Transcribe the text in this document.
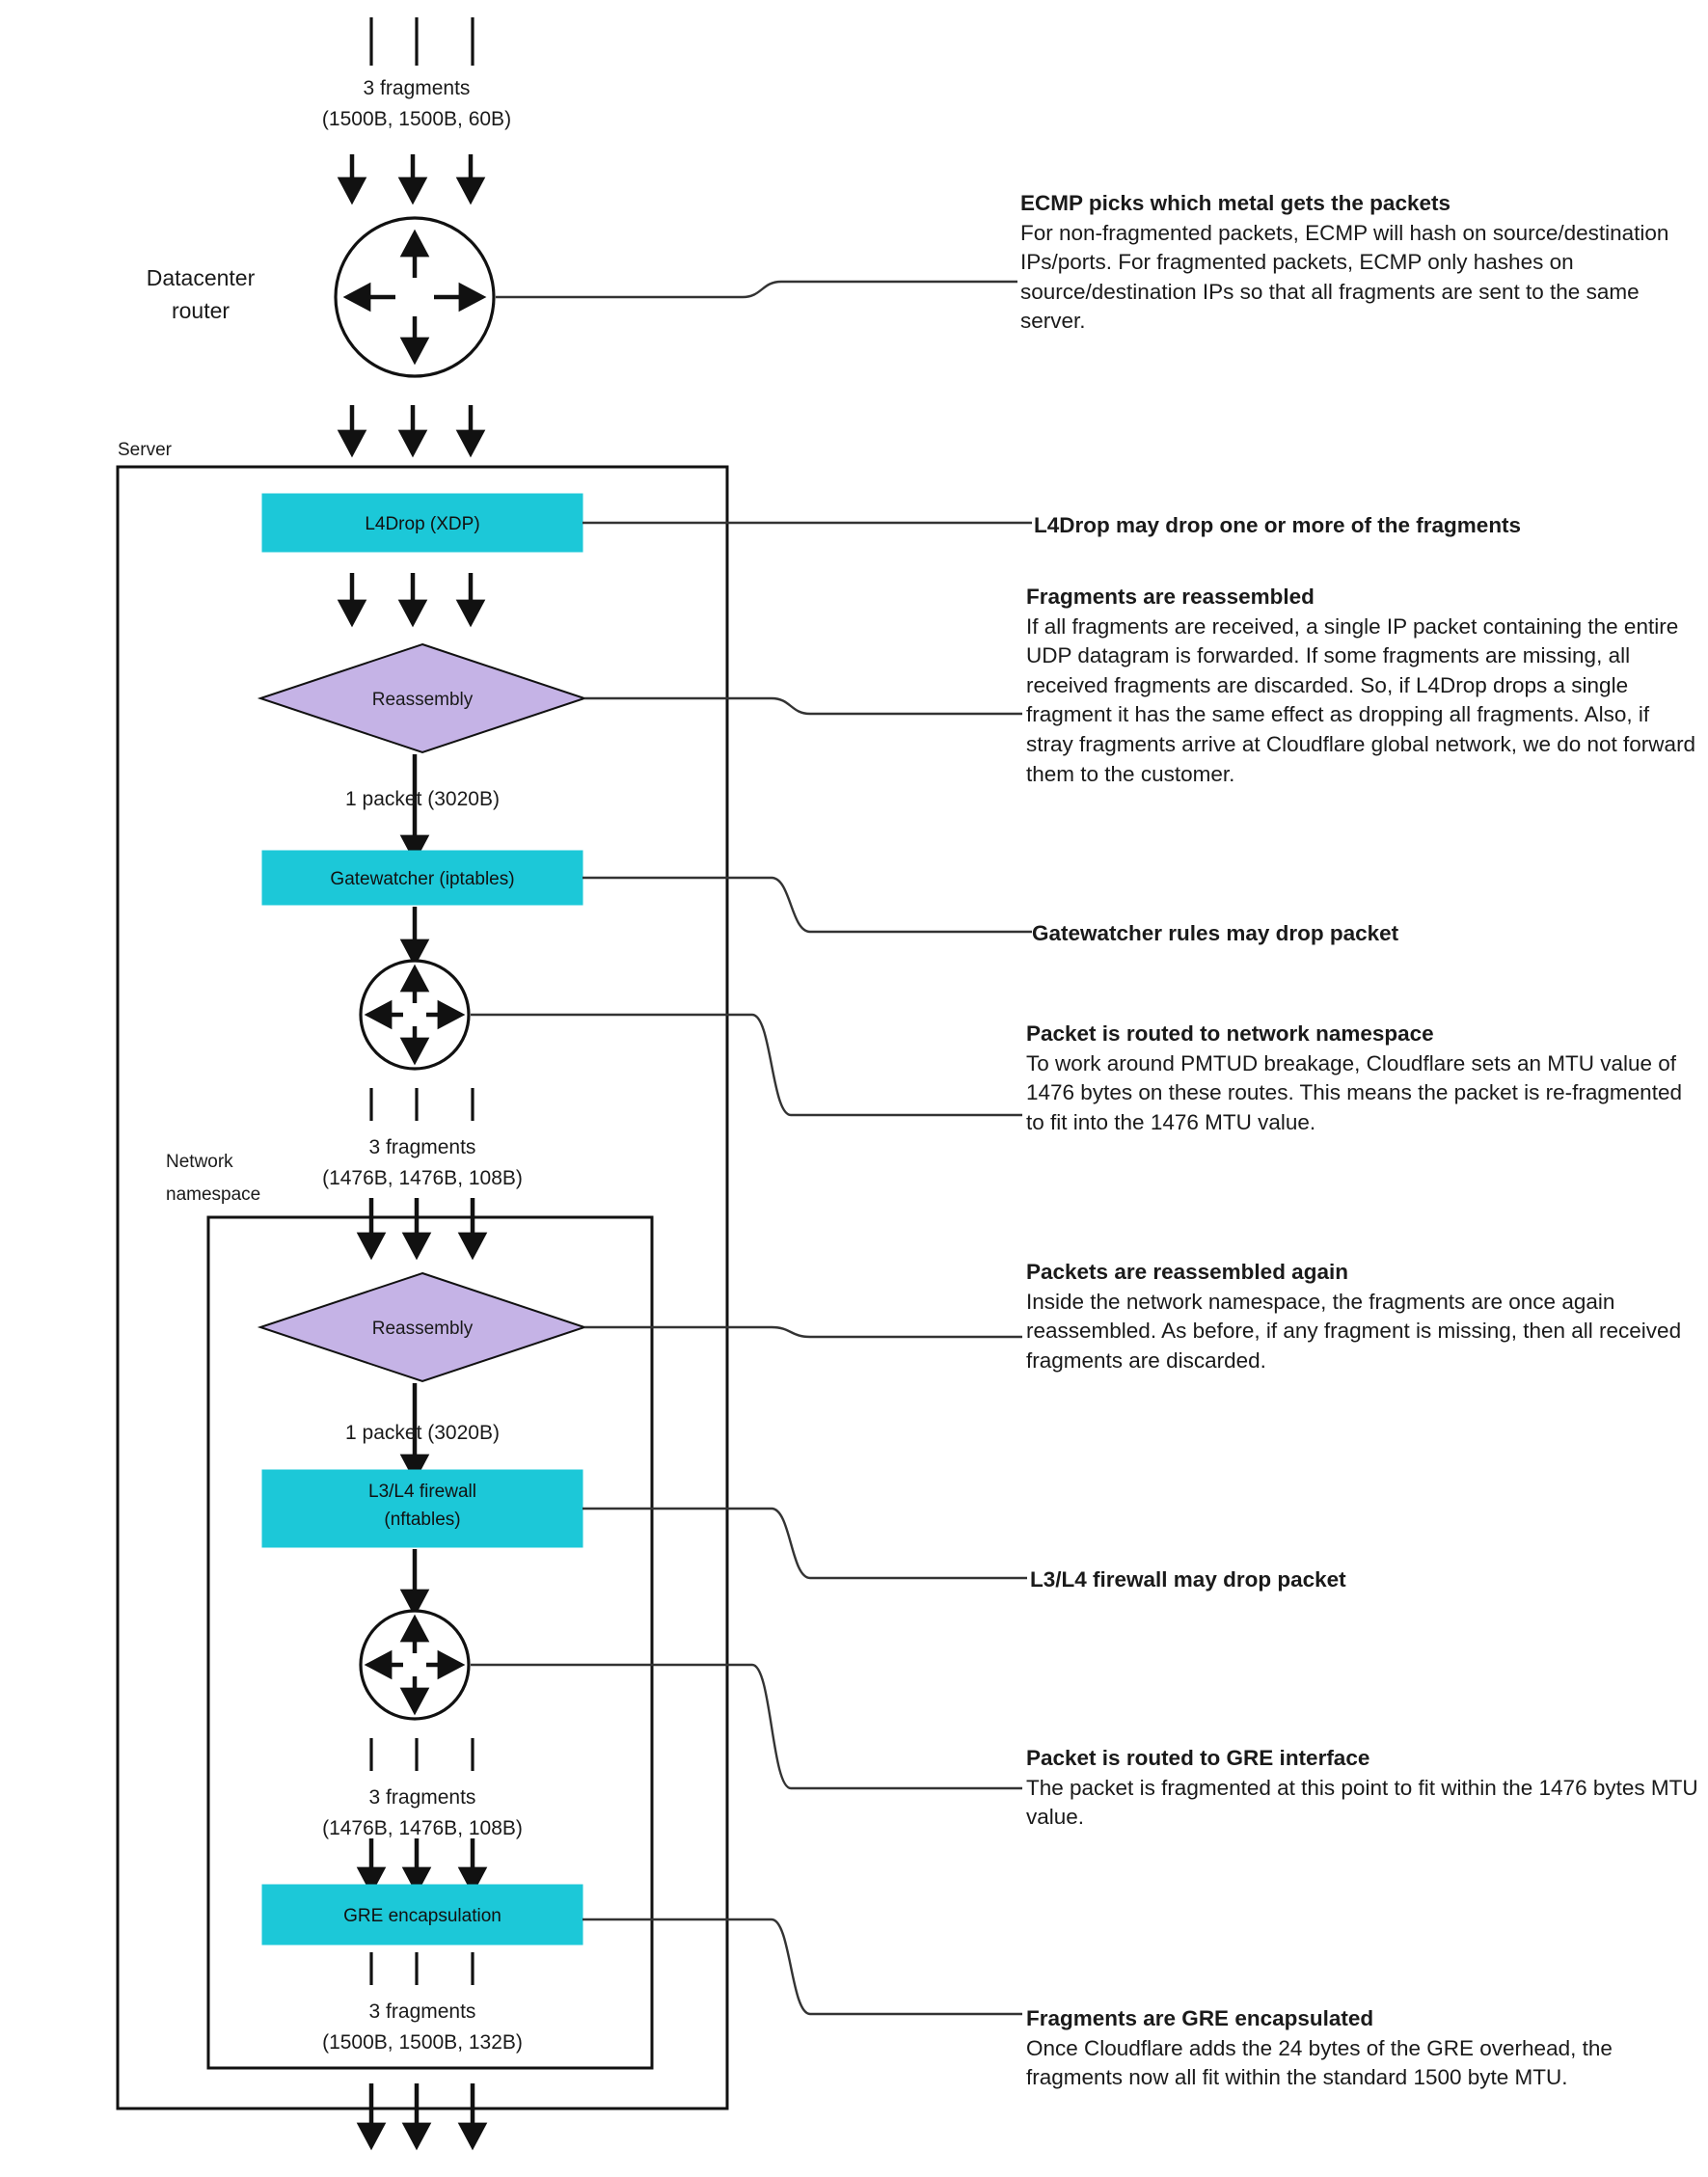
Datacenter
router
Server
Network
namespace
3 fragments
(1500B, 1500B, 60B)
L4Drop (XDP)
Reassembly
1 packet (3020B)
Gatewatcher (iptables)
3 fragments
(1476B, 1476B, 108B)
Reassembly
1 packet (3020B)
L3/L4 firewall
(nftables)
3 fragments
(1476B, 1476B, 108B)
GRE encapsulation
3 fragments
(1500B, 1500B, 132B)
ECMP picks which metal gets the packets
For non-fragmented packets, ECMP will hash on source/destination IPs/ports. For fragmented packets, ECMP only hashes on source/destination IPs so that all fragments are sent to the same server.
L4Drop may drop one or more of the fragments
Fragments are reassembled
If all fragments are received, a single IP packet containing the entire UDP datagram is forwarded. If some fragments are missing, all received fragments are discarded. So, if L4Drop drops a single fragment it has the same effect as dropping all fragments. Also, if stray fragments arrive at Cloudflare global network, we do not forward them to the customer.
Gatewatcher rules may drop packet
Packet is routed to network namespace
To work around PMTUD breakage, Cloudflare sets an MTU value of 1476 bytes on these routes. This means the packet is re-fragmented to fit into the 1476 MTU value.
Packets are reassembled again
Inside the network namespace, the fragments are once again reassembled. As before, if any fragment is missing, then all received fragments are discarded.
L3/L4 firewall may drop packet
Packet is routed to GRE interface
The packet is fragmented at this point to fit within the 1476 bytes MTU value.
Fragments are GRE encapsulated
Once Cloudflare adds the 24 bytes of the GRE overhead, the fragments now all fit within the standard 1500 byte MTU.
